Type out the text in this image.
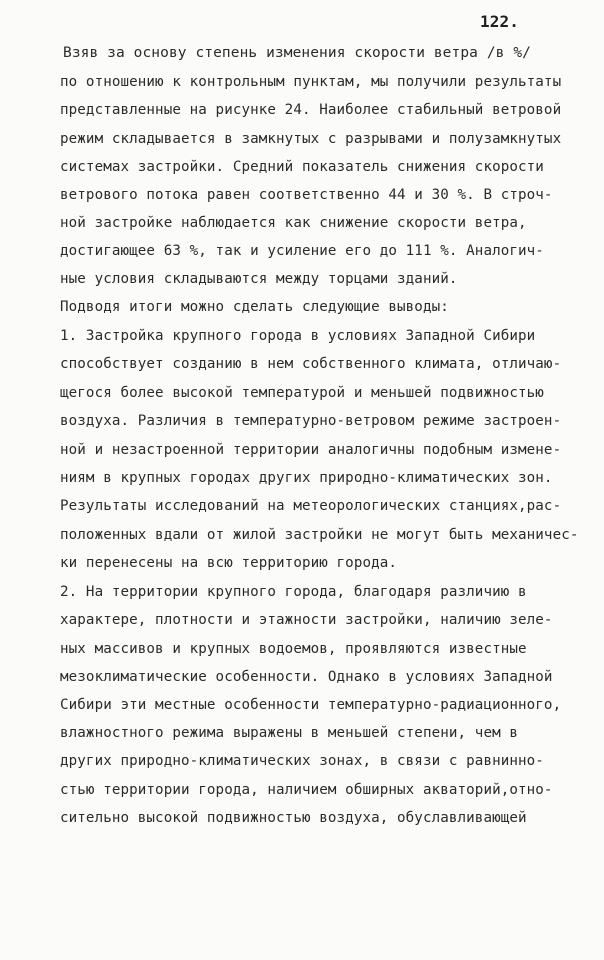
122.
Взяв за основу степень изменения скорости ветра /в %/
по отношению к контрольным пунктам, мы получили результаты
представленные на рисунке 24. Наиболее стабильный ветровой
режим складывается в замкнутых с разрывами и полузамкнутых
системах застройки. Средний показатель снижения скорости
ветрового потока равен соответственно 44 и 30 %. В строч-
ной застройке наблюдается как снижение скорости ветра,
достигающее 63 %, так и усиление его до 111 %. Аналогич-
ные условия складываются между торцами зданий.
Подводя итоги можно сделать следующие выводы:
1. Застройка крупного города в условиях Западной Сибири
способствует созданию в нем собственного климата, отличаю-
щегося более высокой температурой и меньшей подвижностью
воздуха. Различия в температурно-ветровом режиме застроен-
ной и незастроенной территории аналогичны подобным измене-
ниям в крупных городах других природно-климатических зон.
Результаты исследований на метеорологических станциях,рас-
положенных вдали от жилой застройки не могут быть механичес-
ки перенесены на всю территорию города.
2. На территории крупного города, благодаря различию в
характере, плотности и этажности застройки, наличию зеле-
ных массивов и крупных водоемов, проявляются известные
мезоклиматические особенности. Однако в условиях Западной
Сибири эти местные особенности температурно-радиационного,
влажностного режима выражены в меньшей степени, чем в
других природно-климатических зонах, в связи с равнинно-
стью территории города, наличием обширных акваторий,отно-
сительно высокой подвижностью воздуха, обуславливающей
